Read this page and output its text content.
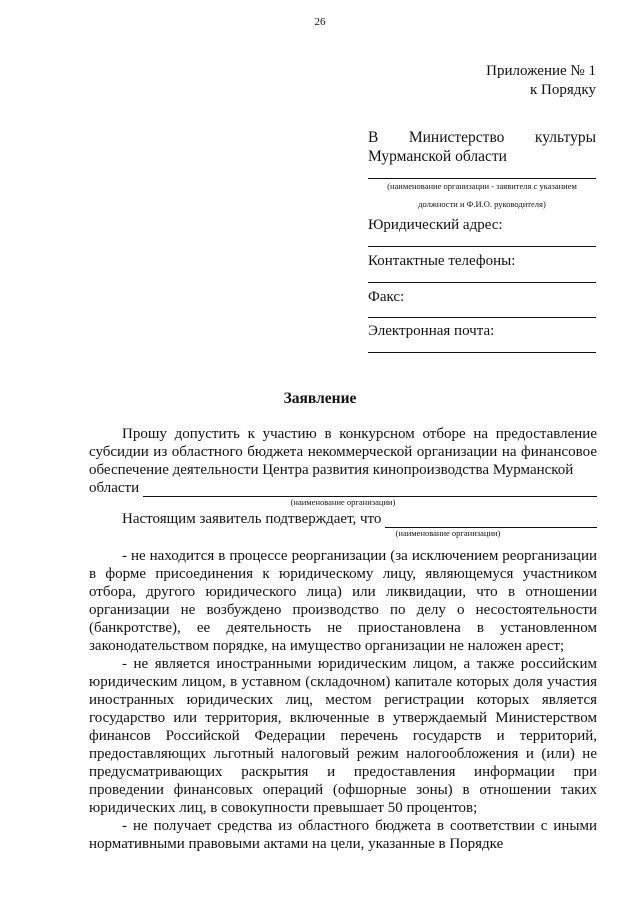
26
Приложение № 1
к Порядку
В Министерство культуры
Мурманской области
(наименование организации - заявителя с указанием
должности и Ф.И.О. руководителя)
Юридический адрес:
Контактные телефоны:
Факс:
Электронная почта:
Заявление

Прошу допустить к участию в конкурсном отборе на предоставление субсидии из областного бюджета некоммерческой организации на финансовое обеспечение деятельности Центра развития кинопроизводства Мурманской

области
(наименование организации)
Настоящим заявитель подтверждает, что
(наименование организации)

- не находится в процессе реорганизации (за исключением реорганизации в форме присоединения к юридическому лицу, являющемуся участником отбора, другого юридического лица) или ликвидации, что в отношении организации не возбуждено производство по делу о несостоятельности (банкротстве), ее деятельность не приостановлена в установленном законодательством порядке, на имущество организации не наложен арест;

- не является иностранными юридическим лицом, а также российским юридическим лицом, в уставном (складочном) капитале которых доля участия иностранных юридических лиц, местом регистрации которых является государство или территория, включенные в утверждаемый Министерством финансов Российской Федерации перечень государств и территорий, предоставляющих льготный налоговый режим налогообложения и (или) не предусматривающих раскрытия и предоставления информации при проведении финансовых операций (офшорные зоны) в отношении таких юридических лиц, в совокупности превышает 50 процентов;

- не получает средства из областного бюджета в соответствии с иными нормативными правовыми актами на цели, указанные в Порядке
